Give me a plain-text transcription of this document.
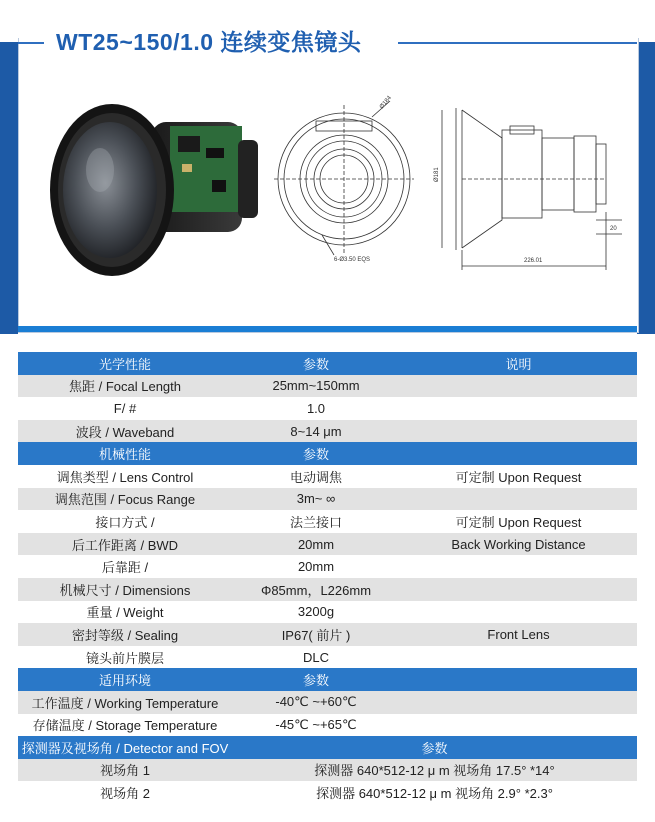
WT25~150/1.0 连续变焦镜头
Ø184
6-Ø3.50 EQS
Ø181
20
226.01
光学性能	参数	说明
焦距 / Focal Length	25mm~150mm	
F/ #	1.0	
波段 / Waveband	8~14 μm	
机械性能	参数	
调焦类型 / Lens Control	电动调焦	可定制 Upon Request
调焦范围 / Focus Range	3m~ ∞	
接口方式 /	法兰接口	可定制 Upon Request
后工作距离 / BWD	20mm	Back Working Distance
后靠距 /	20mm	
机械尺寸 / Dimensions	Φ85mm，L226mm	
重量 / Weight	3200g	
密封等级 / Sealing	IP67( 前片 )	Front Lens
镜头前片膜层	DLC	
适用环境	参数	
工作温度 / Working Temperature	-40℃ ~+60℃	
存储温度 / Storage Temperature	-45℃ ~+65℃	
探测器及视场角 / Detector and FOV	参数	
视场角 1	探测器 640*512-12 μ m 视场角 17.5° *14°	
视场角 2	探测器 640*512-12 μ m 视场角 2.9° *2.3°	
